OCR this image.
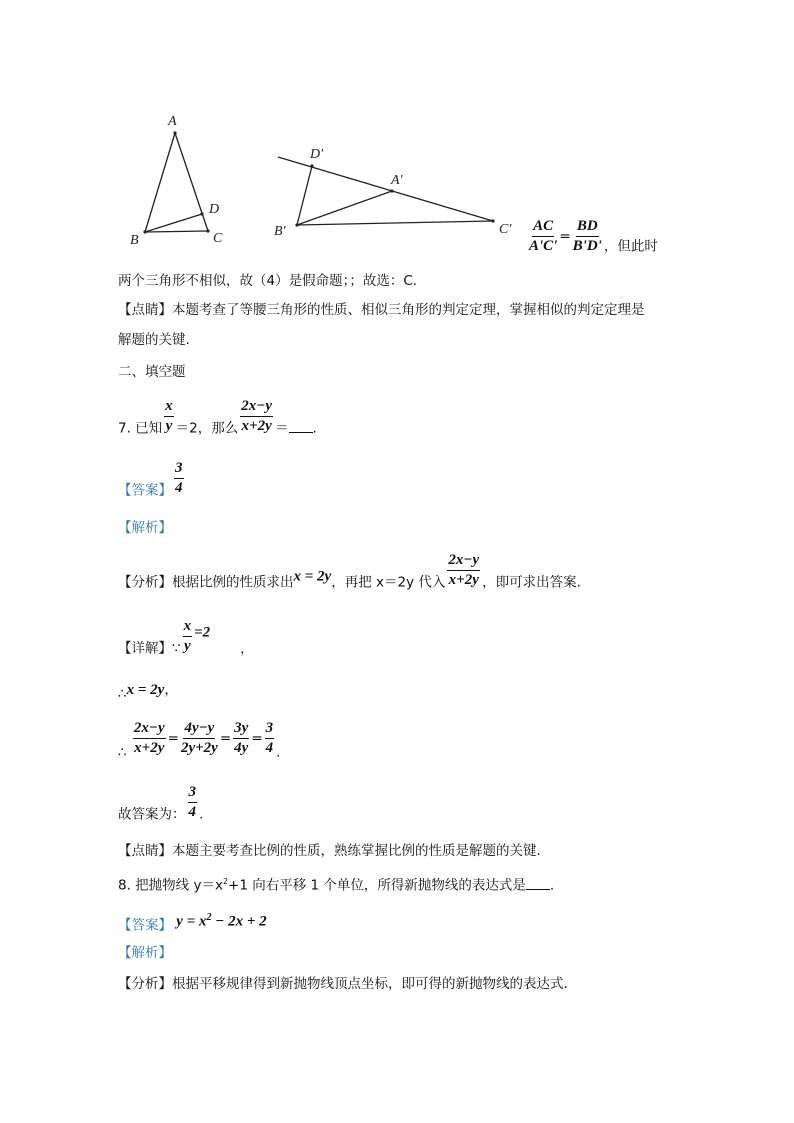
A
B	C
D
D'
A'
B'	$C' \frac{AC}{A'C'} = \frac{BD}{B'D'}$ ，但此时
两个三角形不相似，故（4）是假命题；；故选：C.
【点睛】本题考查了等腰三角形的性质、相似三角形的判定定理，掌握相似的判定定理是
解题的关键.
二、填空题
7. 已知 $\frac{x}{y} =2$，那么 $\frac{2x-y}{x+2y}$ ＝ .
【答案】 $\frac{3}{4}$
【解析】
【分析】根据比例的性质求出x = 2y，再把 x＝2y 代入 $\frac{2x-y}{x+2y}$ ，即可求出答案.
【详解】∵ $\frac{x}{y} =2$，
∴x = 2y，
∴ $\frac{2x-y}{x+2y} = \frac{4y-y}{2y+2y} = \frac{3y}{4y} = \frac{3}{4}$ .
故答案为： $\frac{3}{4}$ .
【点睛】本题主要考查比例的性质，熟练掌握比例的性质是解题的关键.
8. 把抛物线 $y=x^2+1$ 向右平移 1 个单位，所得新抛物线的表达式是 .
【答案】 $y = x^2 - 2x + 2$
【解析】
【分析】根据平移规律得到新抛物线顶点坐标，即可得的新抛物线的表达式.
